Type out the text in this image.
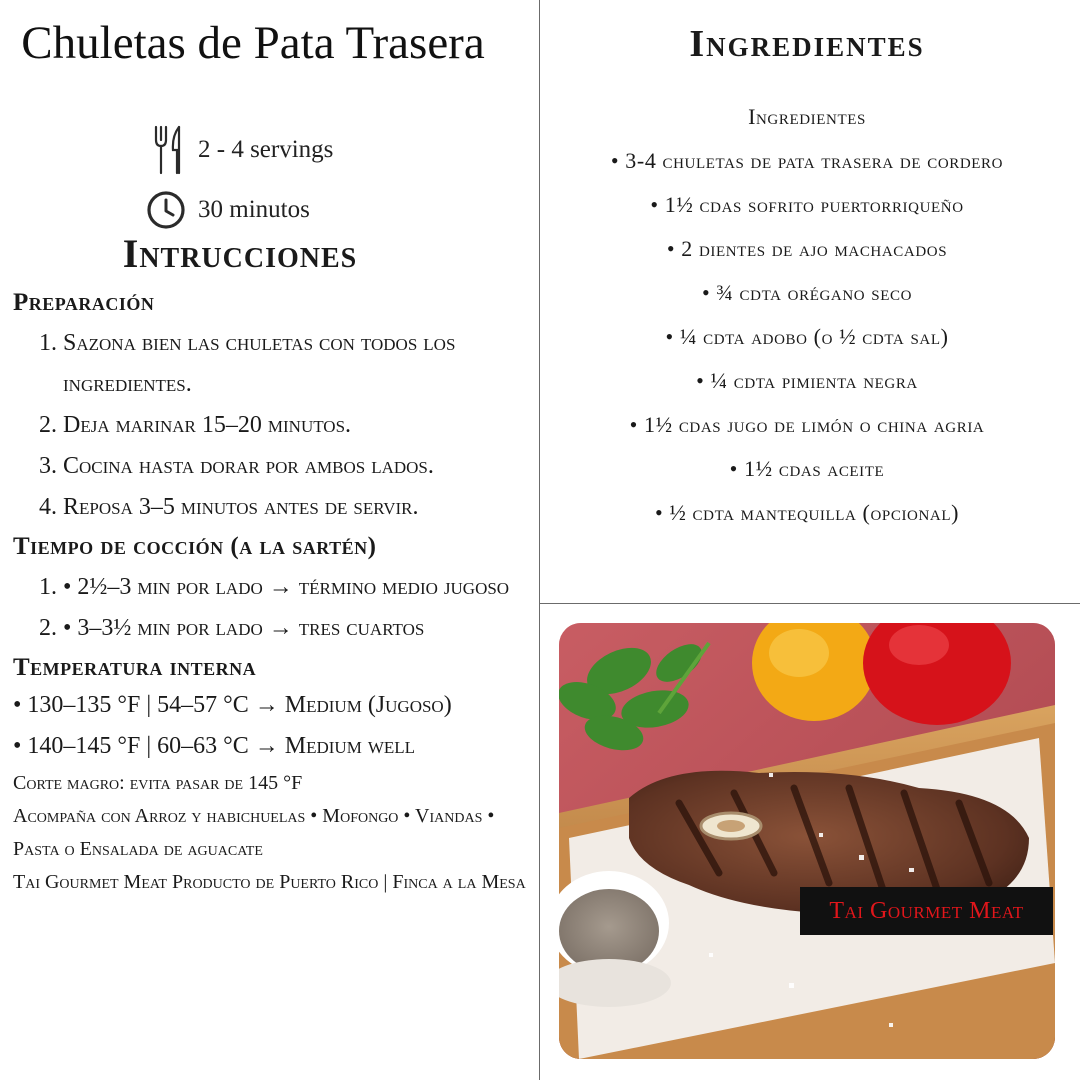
Chuletas de Pata Trasera
2 - 4 servings
30 minutos
Intrucciones
Preparación
1. Sazona bien las chuletas con todos los ingredientes.
2. Deja marinar 15–20 minutos.
3. Cocina hasta dorar por ambos lados.
4. Reposa 3–5 minutos antes de servir.
Tiempo de cocción (a la sartén)
1. • 2½–3 min por lado → término medio jugoso
2. • 3–3½ min por lado → tres cuartos
Temperatura interna
• 130–135 °F | 54–57 °C → Medium (Jugoso)
• 140–145 °F | 60–63 °C → Medium well
Corte magro: evita pasar de 145 °F
Acompaña con Arroz y habichuelas • Mofongo • Viandas • Pasta o Ensalada de aguacate
Tai Gourmet Meat Producto de Puerto Rico | Finca a la Mesa
Ingredientes
Ingredientes
• 3-4 chuletas de pata trasera de cordero
• 1½ cdas sofrito puertorriqueño
• 2 dientes de ajo machacados
• ¾ cdta orégano seco
• ¼ cdta adobo (o ½ cdta sal)
• ¼ cdta pimienta negra
• 1½ cdas jugo de limón o china agria
• 1½ cdas aceite
• ½ cdta mantequilla (opcional)
Tai Gourmet Meat
